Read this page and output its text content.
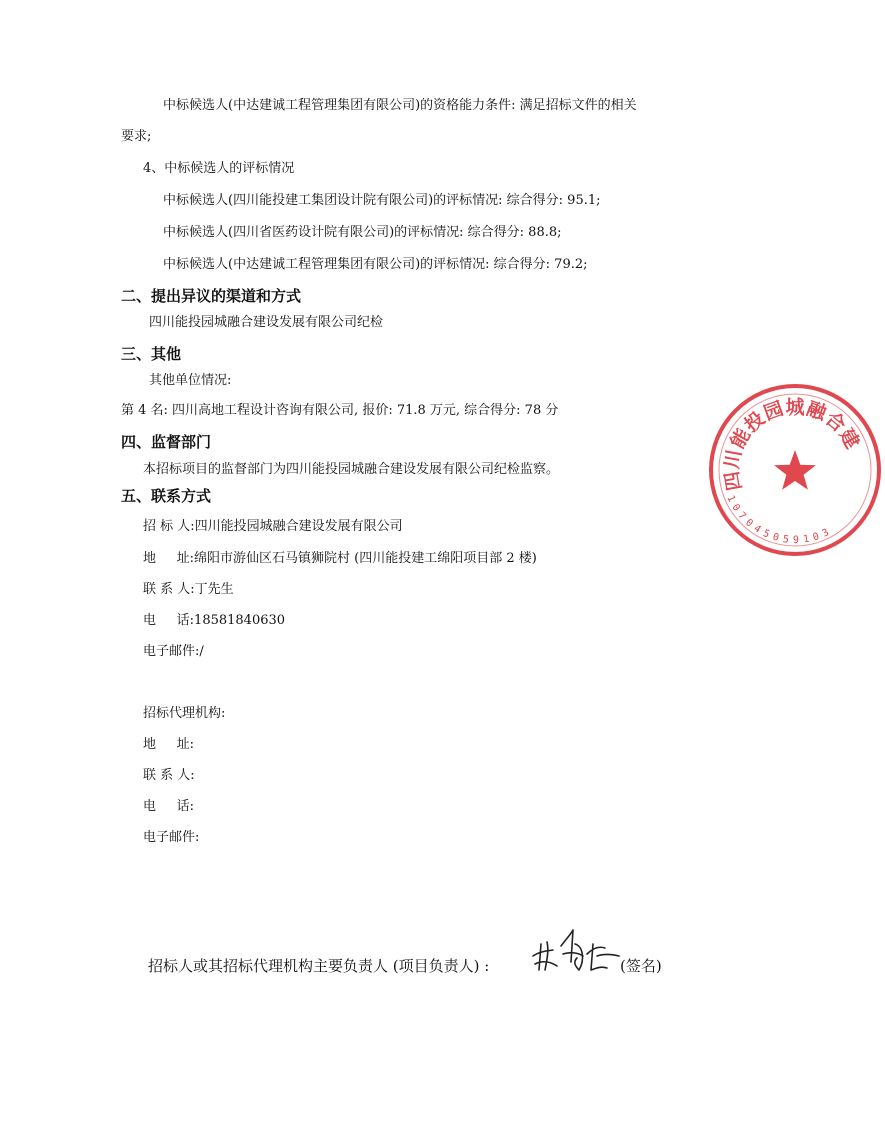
中标候选人(中达建诚工程管理集团有限公司)的资格能力条件: 满足招标文件的相关
要求;
4、中标候选人的评标情况
中标候选人(四川能投建工集团设计院有限公司)的评标情况: 综合得分: 95.1;
中标候选人(四川省医药设计院有限公司)的评标情况: 综合得分: 88.8;
中标候选人(中达建诚工程管理集团有限公司)的评标情况: 综合得分: 79.2;
二、提出异议的渠道和方式
四川能投园城融合建设发展有限公司纪检
三、其他
其他单位情况:
第 4 名: 四川高地工程设计咨询有限公司, 报价: 71.8 万元, 综合得分: 78 分
四、监督部门
本招标项目的监督部门为四川能投园城融合建设发展有限公司纪检监察。
五、联系方式
招 标 人:四川能投园城融合建设发展有限公司
地     址:绵阳市游仙区石马镇狮院村 (四川能投建工绵阳项目部 2 楼)
联 系 人:丁先生
电     话:18581840630
电子邮件:/
招标代理机构:
地     址:
联 系 人:
电     话:
电子邮件:
招标人或其招标代理机构主要负责人 (项目负责人) :	(签名)
四
川
能
投
园 城 融
合
建
1
0
7
0
4
5 0 5 9 1 0 3
